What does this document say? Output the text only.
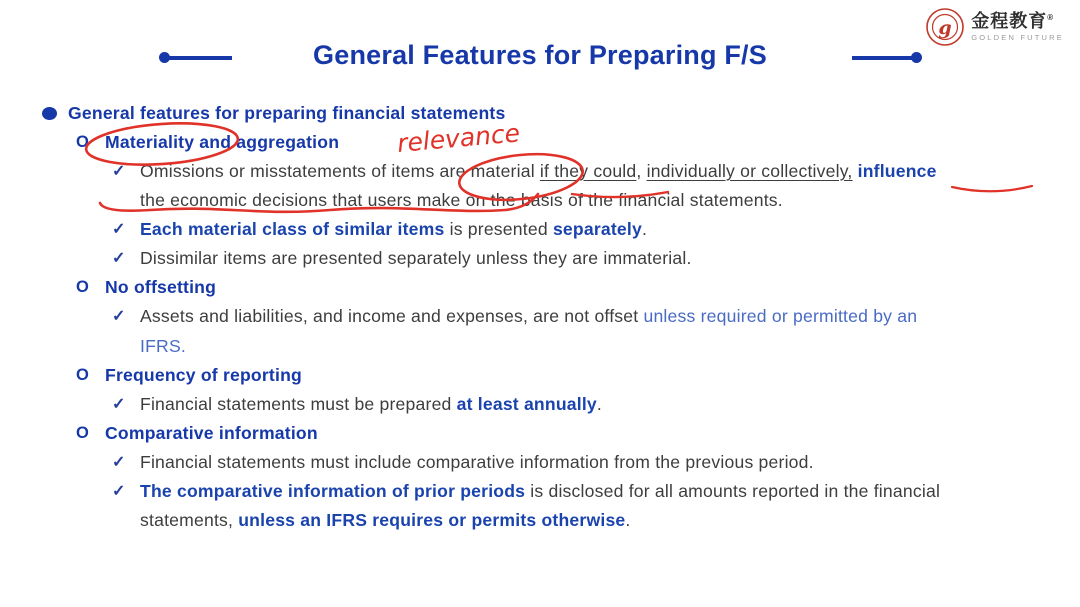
General Features for Preparing F/S
g 金程教育®
GOLDEN FUTURE
General features for preparing financial statements
O Materiality and aggregation
✓ Omissions or misstatements of items are material if they could, individually or collectively, influence
the economic decisions that users make on the basis of the financial statements.
✓ Each material class of similar items is presented separately.
✓ Dissimilar items are presented separately unless they are immaterial.
O No offsetting
✓ Assets and liabilities, and income and expenses, are not offset unless required or permitted by an
IFRS.
O Frequency of reporting
✓ Financial statements must be prepared at least annually.
O Comparative information
✓ Financial statements must include comparative information from the previous period.
✓ The comparative information of prior periods is disclosed for all amounts reported in the financial
statements, unless an IFRS requires or permits otherwise.
relevance
